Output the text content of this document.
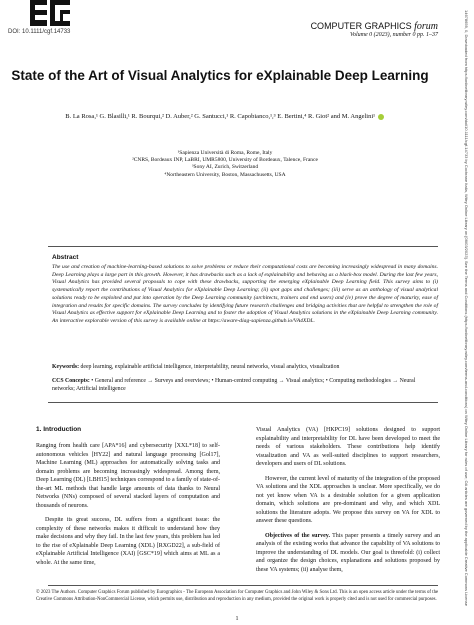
DOI: 10.1111/cgf.14733
COMPUTER GRAPHICS forum
Volume 0 (2023), number 0 pp. 1–37	14678659, 0, Downloaded from https://onlinelibrary.wiley.com/doi/10.1111/cgf.14733 by Cochrane Italia, Wiley Online Library on [06/03/2023]. See the Terms and Conditions (https://onlinelibrary.wiley.com/terms-and-conditions) on Wiley Online Library for rules of use; OA articles are governed by the applicable Creative Commons License
State of the Art of Visual Analytics for eXplainable Deep Learning
B. La Rosa,¹ G. Blasilli,¹ R. Bourqui,² D. Auber,² G. Santucci,¹ R. Capobianco,¹,³ E. Bertini,⁴ R. Giot² and M. Angelini¹
¹Sapienza Università di Roma, Rome, Italy
²CNRS, Bordeaux INP, LaBRI, UMR5800, University of Bordeaux, Talence, France
³Sony AI, Zurich, Switzerland
⁴Northeastern University, Boston, Massachusetts, USA
Abstract
The use and creation of machine-learning-based solutions to solve problems or reduce their computational costs are becoming increasingly widespread in many domains. Deep Learning plays a large part in this growth. However, it has drawbacks such as a lack of explainability and behaving as a black-box model. During the last few years, Visual Analytics has provided several proposals to cope with these drawbacks, supporting the emerging eXplainable Deep Learning field. This survey aims to (i) systematically report the contributions of Visual Analytics for eXplainable Deep Learning; (ii) spot gaps and challenges; (iii) serve as an anthology of visual analytical solutions ready to be exploited and put into operation by the Deep Learning community (architects, trainers and end users) and (iv) prove the degree of maturity, ease of integration and results for specific domains. The survey concludes by identifying future research challenges and bridging activities that are helpful to strengthen the role of Visual Analytics as effective support for eXplainable Deep Learning and to foster the adoption of Visual Analytics solutions in the eXplainable Deep Learning community. An interactive explorable version of this survey is available online at https://aware-diag-sapienza.github.io/VA4XDL.
Keywords: deep learning, explainable artificial intelligence, interpretability, neural networks, visual analytics, visualization
CCS Concepts: • General and reference → Surveys and overviews; • Human-centred computing → Visual analytics; • Computing methodologies → Neural networks; Artificial intelligence
1. Introduction

Ranging from health care [APA*16] and cybersecurity [XXL*18] to self-autonomous vehicles [HY22] and natural language processing [Gol17], Machine Learning (ML) approaches for automatically solving tasks and domain problems are becoming increasingly widespread. Among them, Deep Learning (DL) [LBH15] techniques correspond to a family of state-of-the-art ML methods that handle large amounts of data thanks to Neural Networks (NNs) composed of several stacked layers of computation and thousands of neurons.

Despite its great success, DL suffers from a significant issue: the complexity of these networks makes it difficult to understand how they make decisions and why they fail. In the last few years, this problem has led to the rise of eXplainable Deep Learning (XDL) [RXGD22], a sub-field of eXplainable Artificial Intelligence (XAI) [GSC*19] which aims at ML as a whole. At the same time,

Visual Analytics (VA) [HKPC19] solutions designed to support explainability and interpretability for DL have been developed to meet the needs of various stakeholders. These contributions help identify visualization and VA as well-suited disciplines to support researchers, developers and users of DL solutions.

However, the current level of maturity of the integration of the proposed VA solutions and the XDL approaches is unclear. More specifically, we do not yet know when VA is a desirable solution for a given application domain, which solutions are pre-dominant and why, and which XDL solutions the literature adopts. We propose this survey on VA for XDL to answer these questions.

Objectives of the survey. This paper presents a timely survey and an analysis of the existing works that advance the capability of VA solutions to improve the understanding of DL models. Our goal is threefold: (i) collect and organize the design choices, explanations and solutions proposed by these VA systems; (ii) analyse them,

© 2023 The Authors. Computer Graphics Forum published by Eurographics - The European Association for Computer Graphics and John Wiley & Sons Ltd. This is an open access article under the terms of the Creative Commons Attribution-NonCommercial License, which permits use, distribution and reproduction in any medium, provided the original work is properly cited and is not used for commercial purposes.
1
